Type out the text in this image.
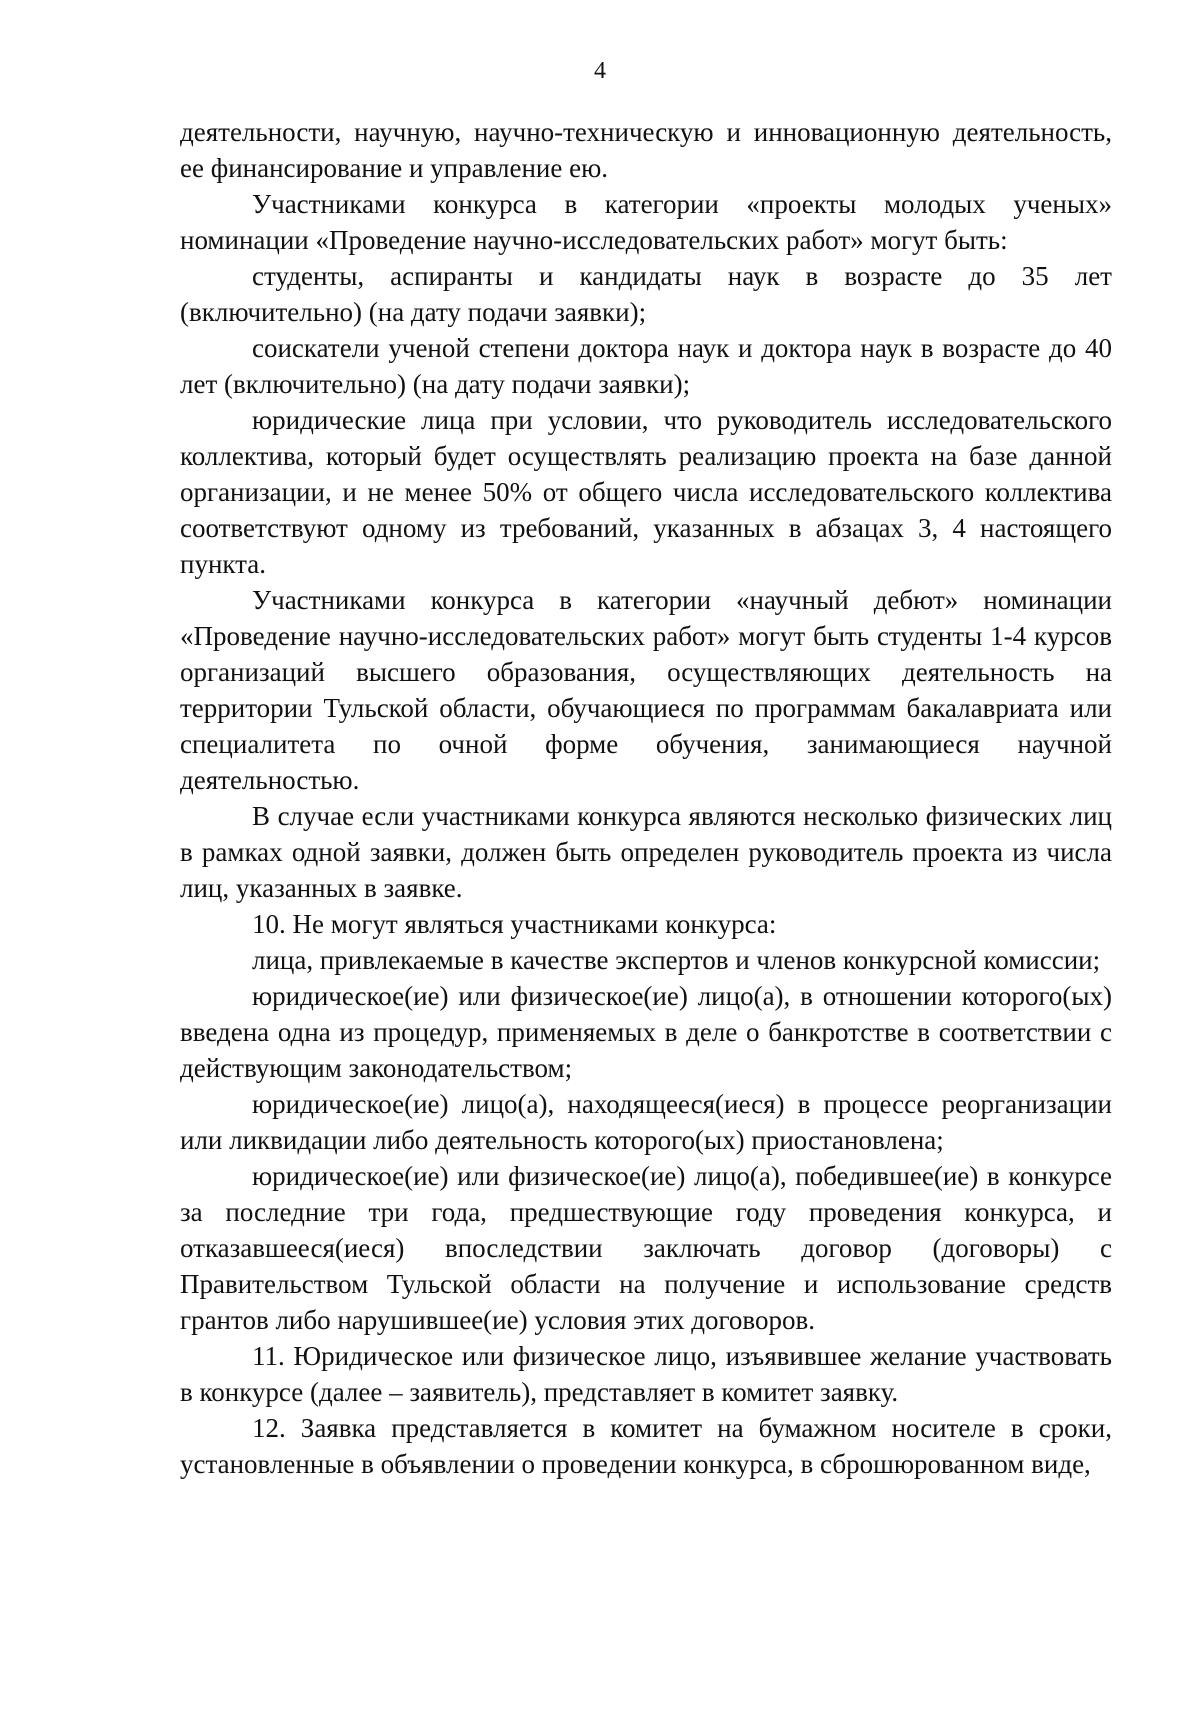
4

деятельности, научную, научно-техническую и инновационную деятельность, ее финансирование и управление ею.

Участниками конкурса в категории «проекты молодых ученых» номинации «Проведение научно-исследовательских работ» могут быть:

студенты, аспиранты и кандидаты наук в возрасте до 35 лет (включительно) (на дату подачи заявки);

соискатели ученой степени доктора наук и доктора наук в возрасте до 40 лет (включительно) (на дату подачи заявки);

юридические лица при условии, что руководитель исследовательского коллектива, который будет осуществлять реализацию проекта на базе данной организации, и не менее 50% от общего числа исследовательского коллектива соответствуют одному из требований, указанных в абзацах 3, 4 настоящего пункта.

Участниками конкурса в категории «научный дебют» номинации «Проведение научно-исследовательских работ» могут быть студенты 1-4 курсов организаций высшего образования, осуществляющих деятельность на территории Тульской области, обучающиеся по программам бакалавриата или специалитета по очной форме обучения, занимающиеся научной деятельностью.

В случае если участниками конкурса являются несколько физических лиц в рамках одной заявки, должен быть определен руководитель проекта из числа лиц, указанных в заявке.

10. Не могут являться участниками конкурса:

лица, привлекаемые в качестве экспертов и членов конкурсной комиссии;

юридическое(ие) или физическое(ие) лицо(а), в отношении которого(ых) введена одна из процедур, применяемых в деле о банкротстве в соответствии с действующим законодательством;

юридическое(ие) лицо(а), находящееся(иеся) в процессе реорганизации или ликвидации либо деятельность которого(ых) приостановлена;

юридическое(ие) или физическое(ие) лицо(а), победившее(ие) в конкурсе за последние три года, предшествующие году проведения конкурса, и отказавшееся(иеся) впоследствии заключать договор (договоры) с Правительством Тульской области на получение и использование средств грантов либо нарушившее(ие) условия этих договоров.

11. Юридическое или физическое лицо, изъявившее желание участвовать в конкурсе (далее – заявитель), представляет в комитет заявку.

12. Заявка представляется в комитет на бумажном носителе в сроки, установленные в объявлении о проведении конкурса, в сброшюрованном виде,
